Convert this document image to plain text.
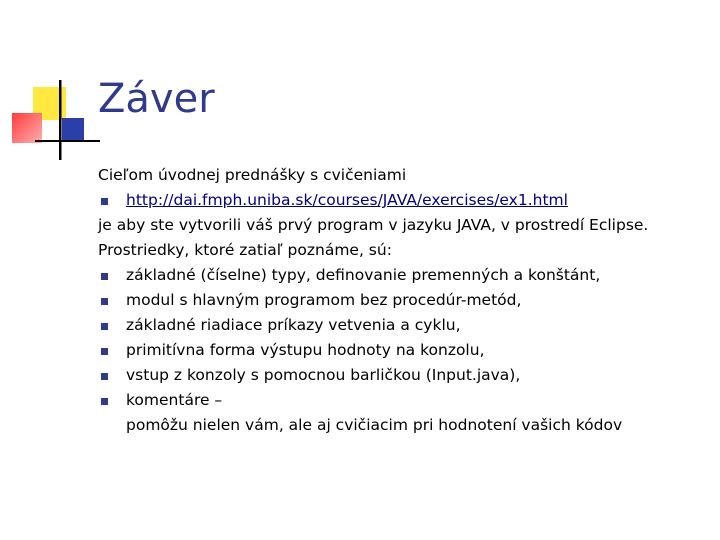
Záver
Cieľom úvodnej prednášky s cvičeniami
http://dai.fmph.uniba.sk/courses/JAVA/exercises/ex1.html
je aby ste vytvorili váš prvý program v jazyku JAVA, v prostredí Eclipse.
Prostriedky, ktoré zatiaľ poznáme, sú:
základné (číselne) typy, definovanie premenných a konštánt,
modul s hlavným programom bez procedúr-metód,
základné riadiace príkazy vetvenia a cyklu,
primitívna forma výstupu hodnoty na konzolu,
vstup z konzoly s pomocnou barličkou (Input.java),
komentáre –
pomôžu nielen vám, ale aj cvičiacim pri hodnotení vašich kódov
